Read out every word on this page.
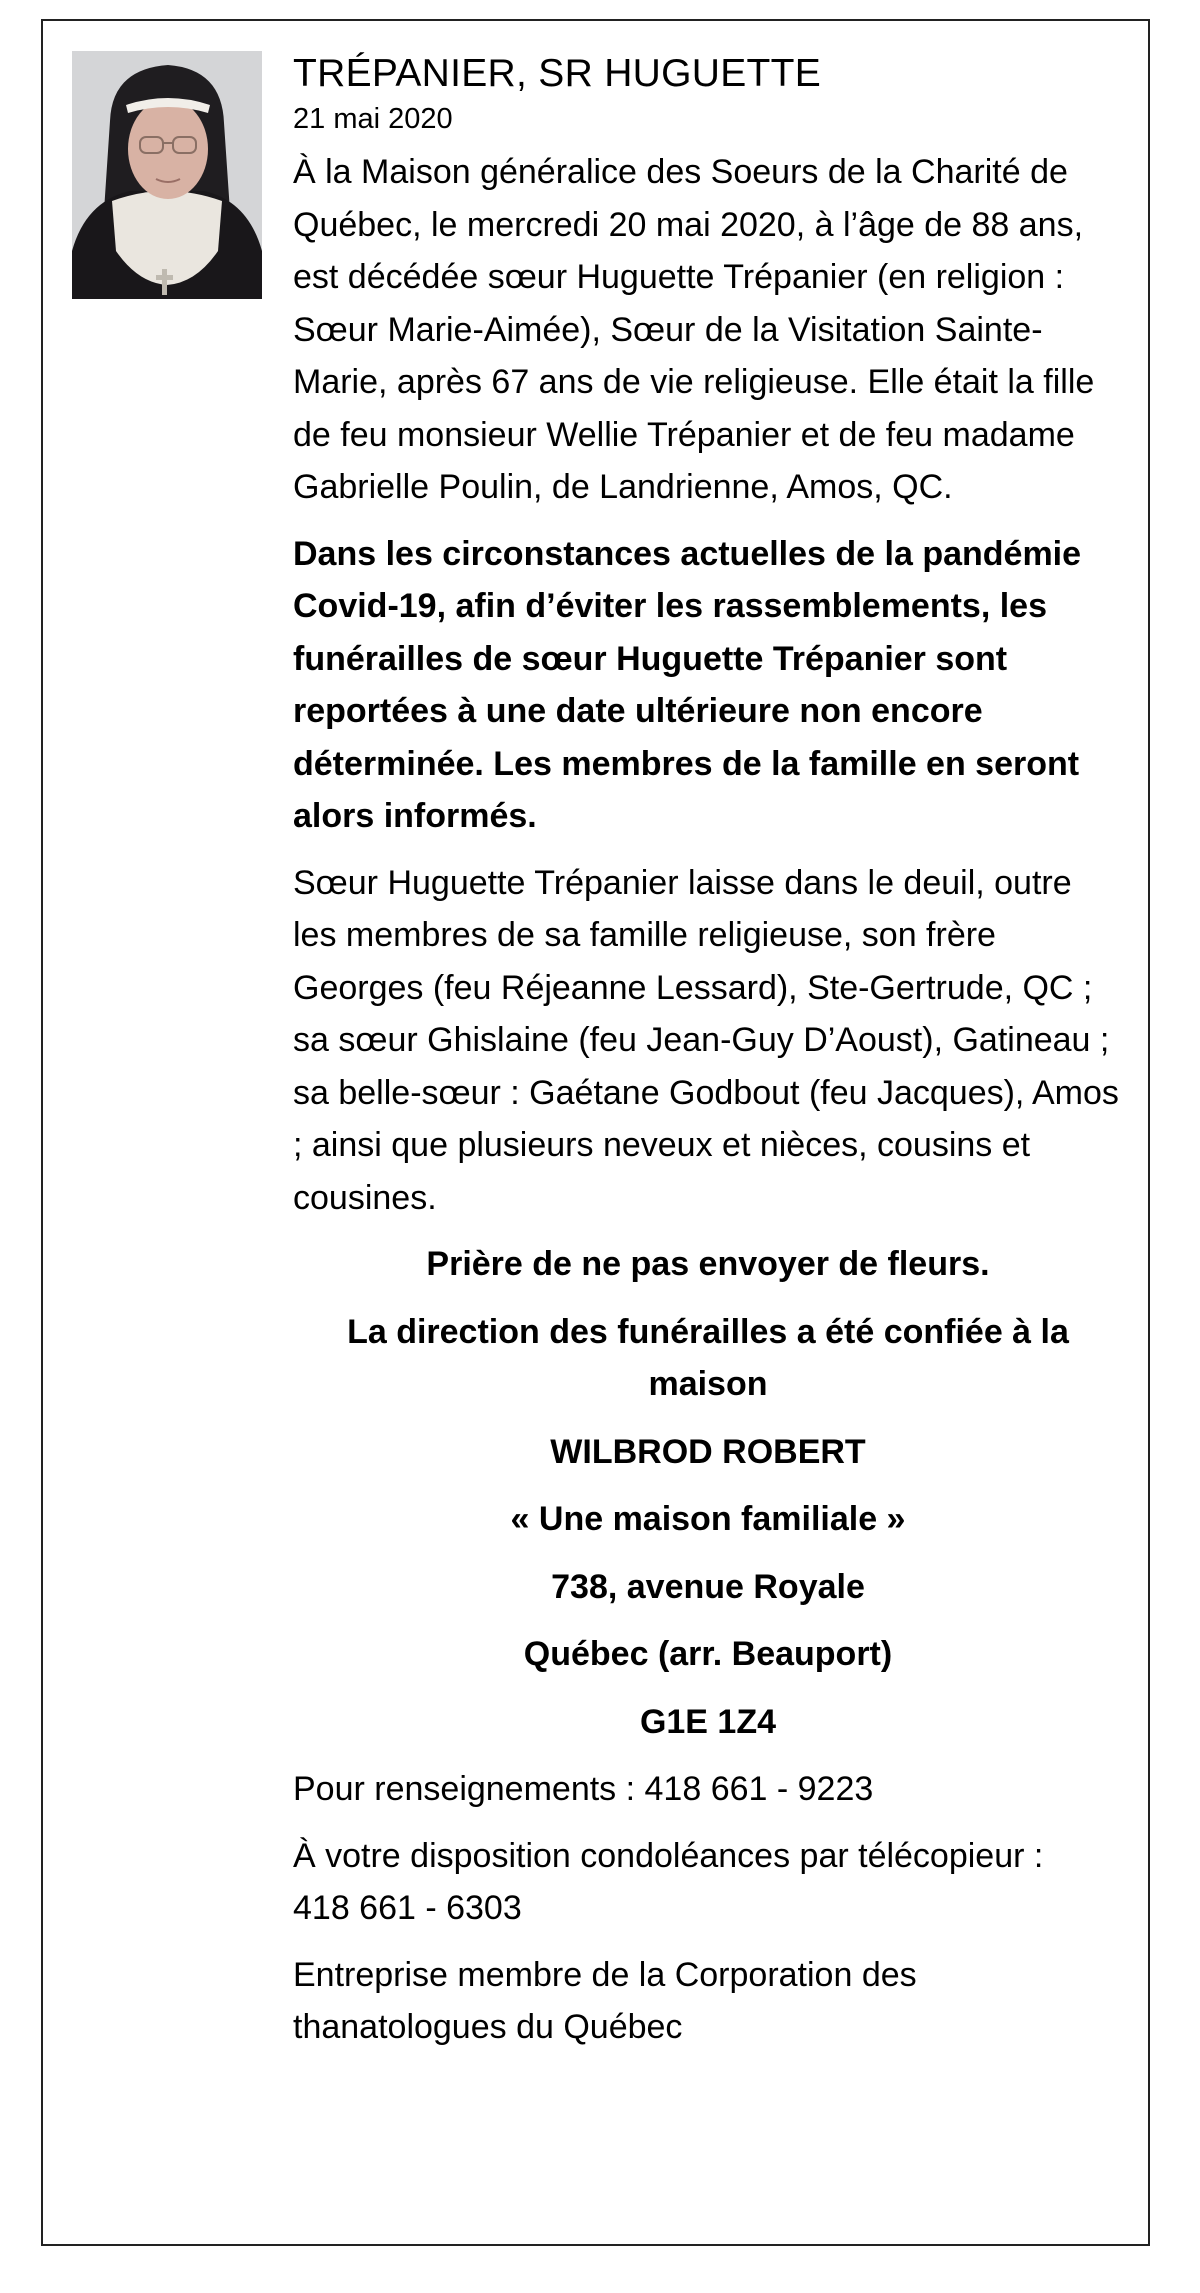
TRÉPANIER, SR HUGUETTE
21 mai 2020

À la Maison généralice des Soeurs de la Charité de Québec, le mercredi 20 mai 2020, à l’âge de 88 ans, est décédée sœur Huguette Trépanier (en religion : Sœur Marie-Aimée), Sœur de la Visitation Sainte-Marie, après 67 ans de vie religieuse. Elle était la fille de feu monsieur Wellie Trépanier et de feu madame Gabrielle Poulin, de Landrienne, Amos, QC.

Dans les circonstances actuelles de la pandémie Covid-19, afin d’éviter les rassemblements, les funérailles de sœur Huguette Trépanier sont reportées à une date ultérieure non encore déterminée. Les membres de la famille en seront alors informés.

Sœur Huguette Trépanier laisse dans le deuil, outre les membres de sa famille religieuse, son frère Georges (feu Réjeanne Lessard), Ste-Gertrude, QC ; sa sœur Ghislaine (feu Jean-Guy D’Aoust), Gatineau ; sa belle-sœur : Gaétane Godbout (feu Jacques), Amos ; ainsi que plusieurs neveux et nièces, cousins et cousines.

Prière de ne pas envoyer de fleurs.

La direction des funérailles a été confiée à la maison

WILBROD ROBERT

« Une maison familiale »

738, avenue Royale

Québec (arr. Beauport)

G1E 1Z4

Pour renseignements : 418 661 - 9223

À votre disposition condoléances par télécopieur :
418 661 - 6303

Entreprise membre de la Corporation des thanatologues du Québec
